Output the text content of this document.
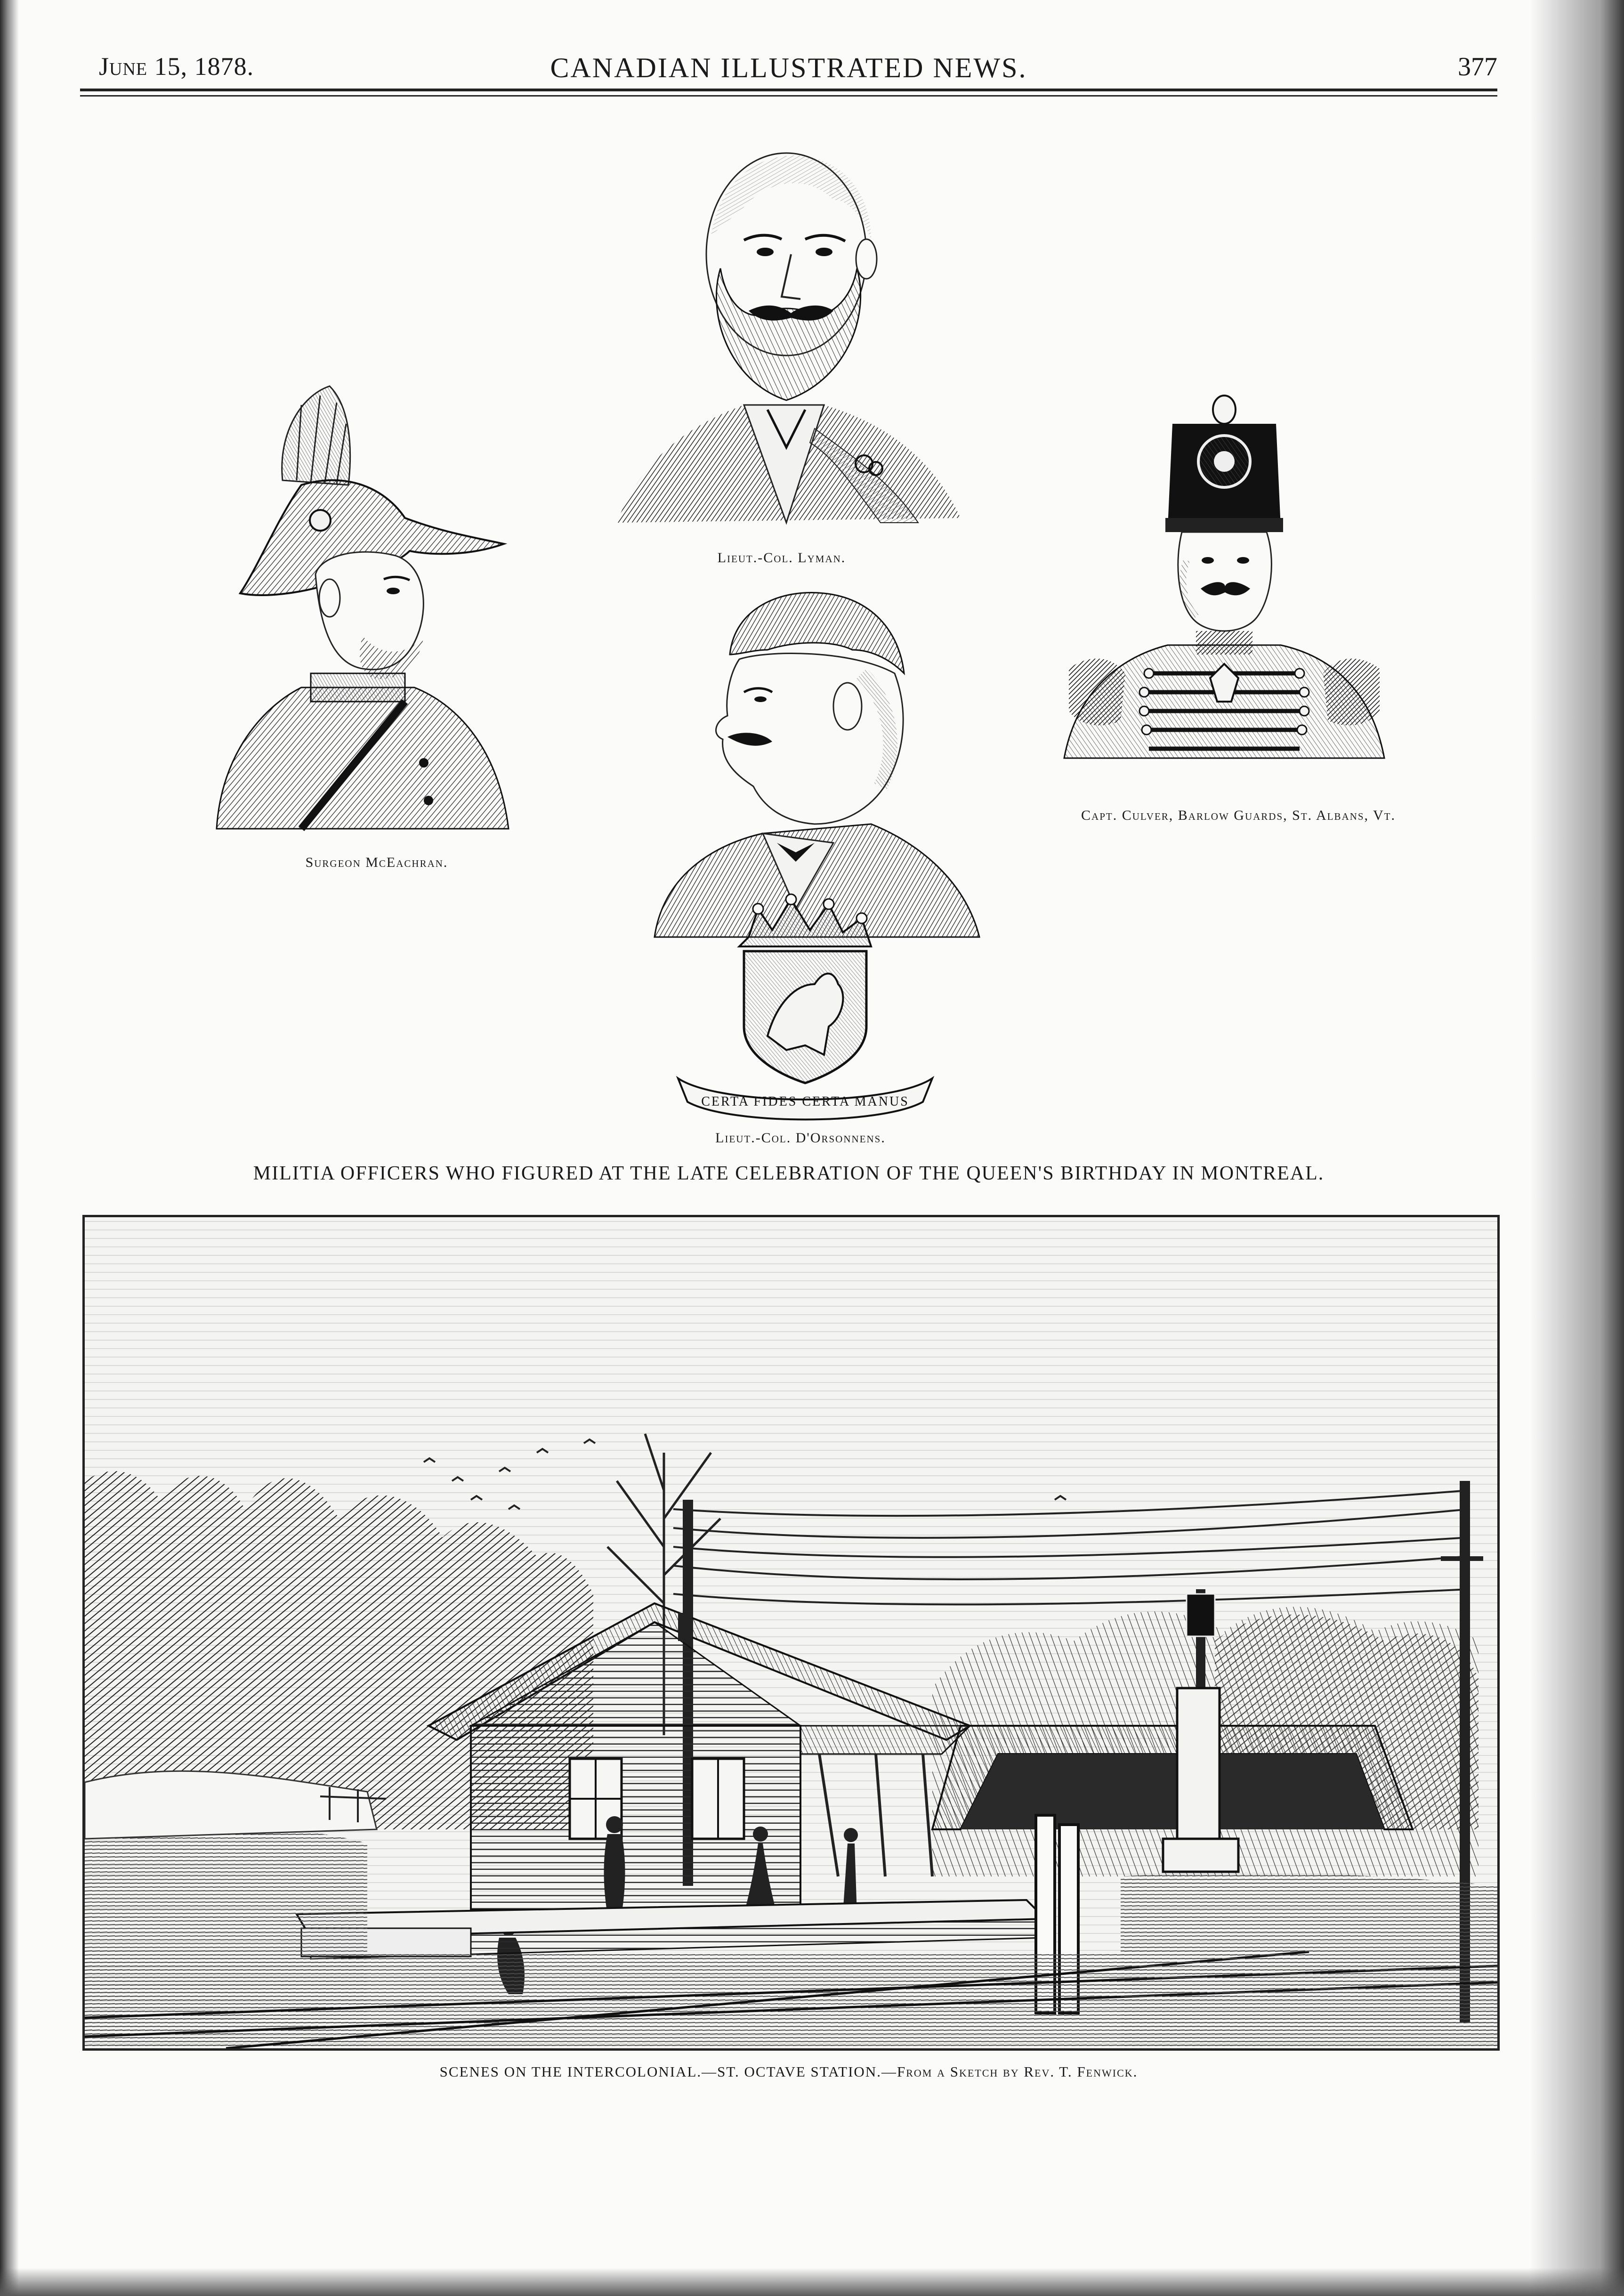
June 15, 1878.	CANADIAN ILLUSTRATED NEWS.	377
Lieut.-Col. Lyman.
Surgeon McEachran.
Capt. Culver, Barlow Guards, St. Albans, Vt.
CERTA FIDES CERTA MANUS
Lieut.-Col. D'Orsonnens.
MILITIA OFFICERS WHO FIGURED AT THE LATE CELEBRATION OF THE QUEEN'S BIRTHDAY IN MONTREAL.
SCENES ON THE INTERCOLONIAL.—ST. OCTAVE STATION.—From a Sketch by Rev. T. Fenwick.
